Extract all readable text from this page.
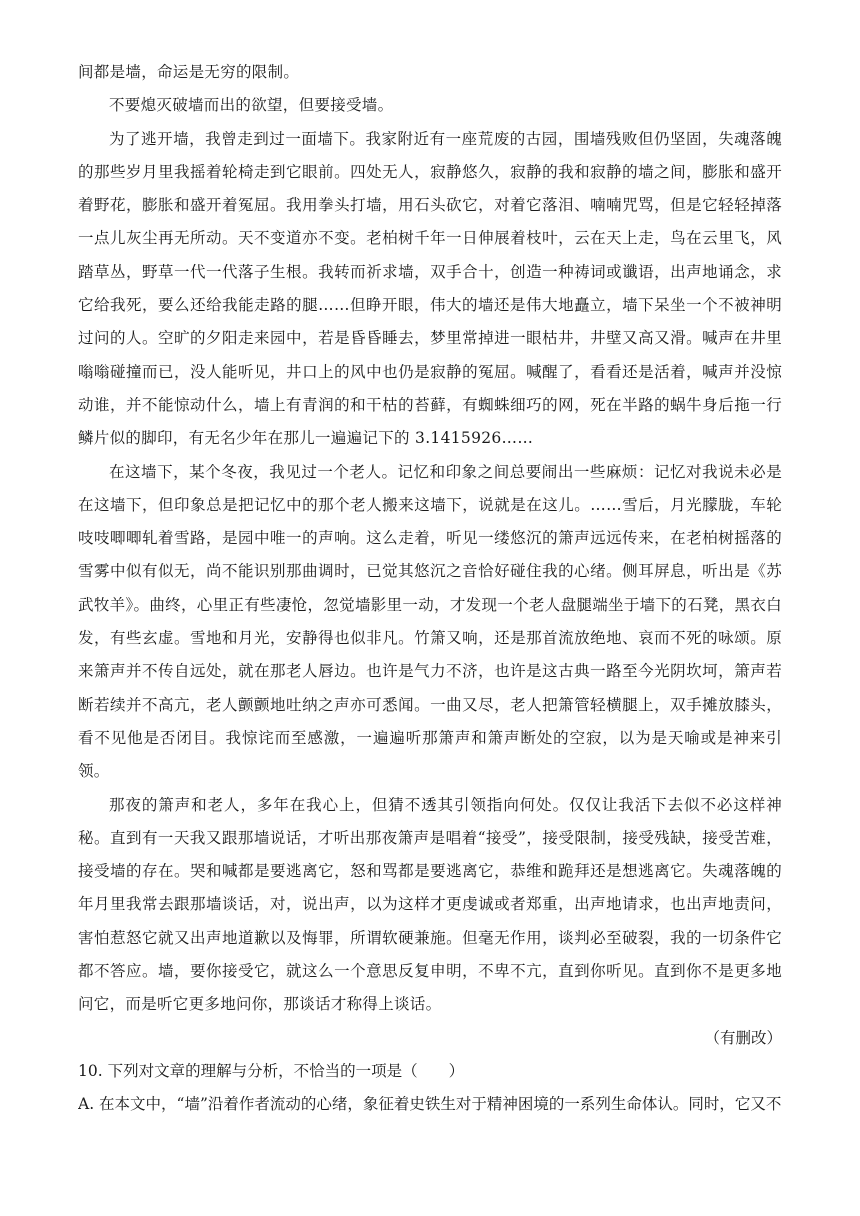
间都是墙，命运是无穷的限制。

不要熄灭破墙而出的欲望，但要接受墙。

为了逃开墙，我曾走到过一面墙下。我家附近有一座荒废的古园，围墙残败但仍坚固，失魂落魄的那些岁月里我摇着轮椅走到它眼前。四处无人，寂静悠久，寂静的我和寂静的墙之间，膨胀和盛开着野花，膨胀和盛开着冤屈。我用拳头打墙，用石头砍它，对着它落泪、喃喃咒骂，但是它轻轻掉落一点儿灰尘再无所动。天不变道亦不变。老柏树千年一日伸展着枝叶，云在天上走，鸟在云里飞，风踏草丛，野草一代一代落子生根。我转而祈求墙，双手合十，创造一种祷词或谶语，出声地诵念，求它给我死，要么还给我能走路的腿……但睁开眼，伟大的墙还是伟大地矗立，墙下呆坐一个不被神明过问的人。空旷的夕阳走来园中，若是昏昏睡去，梦里常掉进一眼枯井，井壁又高又滑。喊声在井里嗡嗡碰撞而已，没人能听见，井口上的风中也仍是寂静的冤屈。喊醒了，看看还是活着，喊声并没惊动谁，并不能惊动什么，墙上有青润的和干枯的苔藓，有蜘蛛细巧的网，死在半路的蜗牛身后拖一行鳞片似的脚印，有无名少年在那儿一遍遍记下的 3.1415926……

在这墙下，某个冬夜，我见过一个老人。记忆和印象之间总要闹出一些麻烦：记忆对我说未必是在这墙下，但印象总是把记忆中的那个老人搬来这墙下，说就是在这儿。……雪后，月光朦胧，车轮吱吱唧唧轧着雪路，是园中唯一的声响。这么走着，听见一缕悠沉的箫声远远传来，在老柏树摇落的雪雾中似有似无，尚不能识别那曲调时，已觉其悠沉之音恰好碰住我的心绪。侧耳屏息，听出是《苏武牧羊》。曲终，心里正有些凄怆，忽觉墙影里一动，才发现一个老人盘腿端坐于墙下的石凳，黑衣白发，有些玄虚。雪地和月光，安静得也似非凡。竹箫又响，还是那首流放绝地、哀而不死的咏颂。原来箫声并不传自远处，就在那老人唇边。也许是气力不济，也许是这古典一路至今光阴坎坷，箫声若断若续并不高亢，老人颤颤地吐纳之声亦可悉闻。一曲又尽，老人把箫管轻横腿上，双手摊放膝头，看不见他是否闭目。我惊诧而至感激，一遍遍听那箫声和箫声断处的空寂，以为是天喻或是神来引领。

那夜的箫声和老人，多年在我心上，但猜不透其引领指向何处。仅仅让我活下去似不必这样神秘。直到有一天我又跟那墙说话，才听出那夜箫声是唱着“接受”，接受限制，接受残缺，接受苦难，接受墙的存在。哭和喊都是要逃离它，怒和骂都是要逃离它，恭维和跪拜还是想逃离它。失魂落魄的年月里我常去跟那墙谈话，对，说出声，以为这样才更虔诚或者郑重，出声地请求，也出声地责问，害怕惹怒它就又出声地道歉以及悔罪，所谓软硬兼施。但毫无作用，谈判必至破裂，我的一切条件它都不答应。墙，要你接受它，就这么一个意思反复申明，不卑不亢，直到你听见。直到你不是更多地问它，而是听它更多地问你，那谈话才称得上谈话。

（有删改）

10. 下列对文章的理解与分析，不恰当的一项是（　　）

A. 在本文中，“墙”沿着作者流动的心绪，象征着史铁生对于精神困境的一系列生命体认。同时，它又不
